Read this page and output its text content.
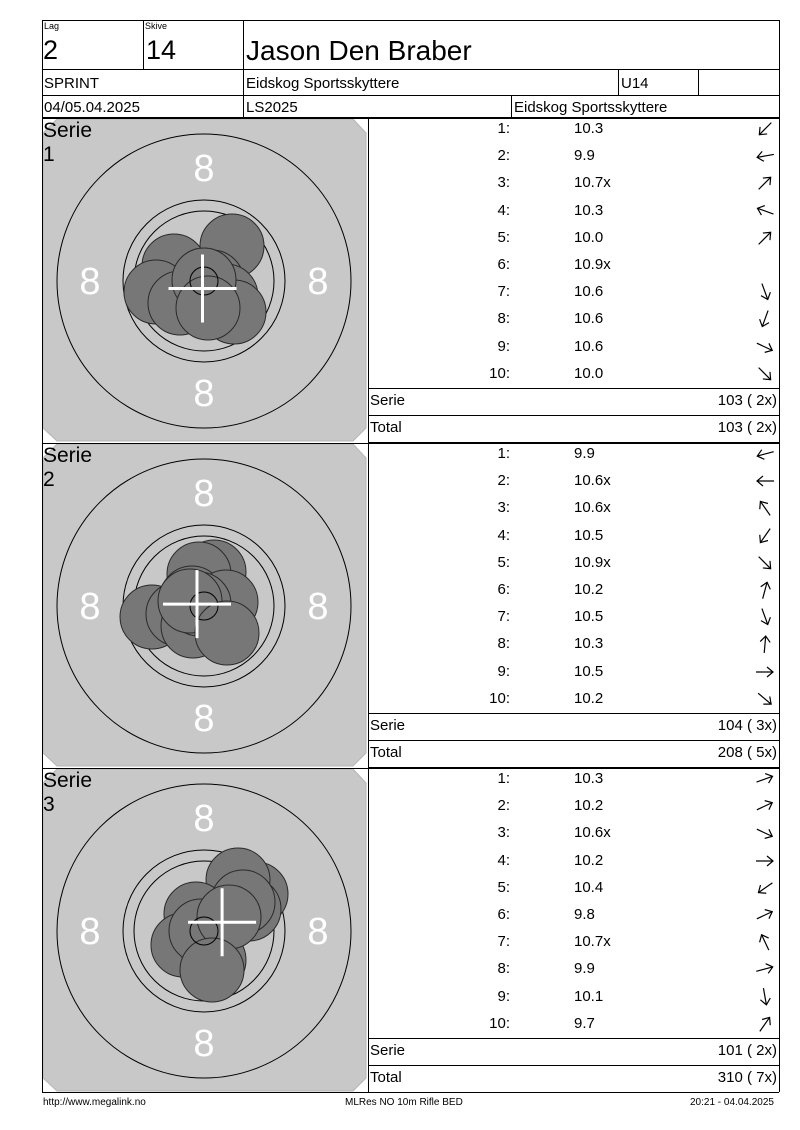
Lag
2
Skive
14 Jason Den Braber
SPRINT	Eidskog Sportsskyttere	U14
04/05.04.2025	LS2025	Eidskog Sportsskyttere
8
8
8	8
Serie 1
1:	10.3
2:	9.9
3:	10.7x
4:	10.3
5:	10.0
6:	10.9x
7:	10.6
8:	10.6
9:	10.6
10:	10.0
Serie	103 ( 2x)
Total	103 ( 2x)
8
8
8	8
Serie 2
1:	9.9
2:	10.6x
3:	10.6x
4:	10.5
5:	10.9x
6:	10.2
7:	10.5
8:	10.3
9:	10.5
10:	10.2
Serie	104 ( 3x)
Total	208 ( 5x)
8
8
8	8
Serie 3
1:	10.3
2:	10.2
3:	10.6x
4:	10.2
5:	10.4
6:	9.8
7:	10.7x
8:	9.9
9:	10.1
10:	9.7
Serie	101 ( 2x)
Total	310 ( 7x)
http://www.megalink.no	MLRes NO 10m Rifle BED	20:21 - 04.04.2025
